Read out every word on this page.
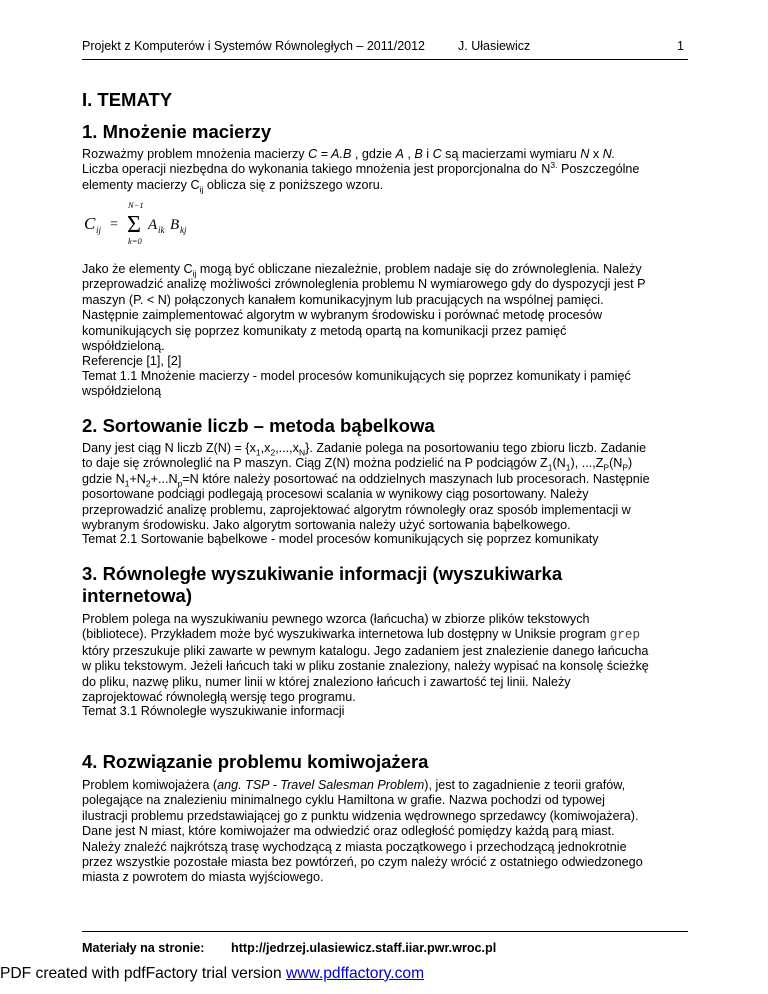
Projekt z Komputerów i Systemów Równoległych – 2011/2012	J. Ułasiewicz	1
I. TEMATY
1. Mnożenie macierzy
Rozważmy problem mnożenia macierzy C = A.B , gdzie A , B i C są macierzami wymiaru N x N.
Liczba operacji niezbędna do wykonania takiego mnożenia jest proporcjonalna do $N^{3.}$ Poszczególne
elementy macierzy $C_{ij}$ oblicza się z poniższego wzoru.
C ij = Σ
N−1
k=0
A ik B kj
Jako że elementy $C_{ij}$ mogą być obliczane niezależnie, problem nadaje się do zrównoleglenia. Należy
przeprowadzić analizę możliwości zrównoleglenia problemu N wymiarowego gdy do dyspozycji jest P
maszyn (P. < N) połączonych kanałem komunikacyjnym lub pracujących na wspólnej pamięci.
Następnie zaimplementować algorytm w wybranym środowisku i porównać metodę procesów
komunikujących się poprzez komunikaty z metodą opartą na komunikacji przez pamięć
współdzieloną.
Referencje [1], [2]
Temat 1.1 Mnożenie macierzy - model procesów komunikujących się poprzez komunikaty i pamięć
współdzieloną
2. Sortowanie liczb – metoda bąbelkowa
Dany jest ciąg N liczb $Z(N) = \{x_1,x_2,...,x_N\}$. Zadanie polega na posortowaniu tego zbioru liczb. Zadanie
to daje się zrównoleglić na P maszyn. Ciąg Z(N) można podzielić na P podciągów $Z_1(N_1)$, $...,Z_P(N_P)$
gdzie $N_1+N_2+...N_p=N$ które należy posortować na oddzielnych maszynach lub procesorach. Następnie
posortowane podciągi podlegają procesowi scalania w wynikowy ciąg posortowany. Należy
przeprowadzić analizę problemu, zaprojektować algorytm równoległy oraz sposób implementacji w
wybranym środowisku. Jako algorytm sortowania należy użyć sortowania bąbelkowego.
Temat 2.1 Sortowanie bąbelkowe - model procesów komunikujących się poprzez komunikaty
3. Równoległe wyszukiwanie informacji (wyszukiwarka
internetowa)
Problem polega na wyszukiwaniu pewnego wzorca (łańcucha) w zbiorze plików tekstowych
(bibliotece). Przykładem może być wyszukiwarka internetowa lub dostępny w Uniksie program grep
który przeszukuje pliki zawarte w pewnym katalogu. Jego zadaniem jest znalezienie danego łańcucha
w pliku tekstowym. Jeżeli łańcuch taki w pliku zostanie znaleziony, należy wypisać na konsolę ścieżkę
do pliku, nazwę pliku, numer linii w której znaleziono łańcuch i zawartość tej linii. Należy
zaprojektować równoległą wersję tego programu.
Temat 3.1 Równoległe wyszukiwanie informacji
4. Rozwiązanie problemu komiwojażera
Problem komiwojażera (ang. TSP - Travel Salesman Problem), jest to zagadnienie z teorii grafów,
polegające na znalezieniu minimalnego cyklu Hamiltona w grafie. Nazwa pochodzi od typowej
ilustracji problemu przedstawiającej go z punktu widzenia wędrownego sprzedawcy (komiwojażera).
Dane jest N miast, które komiwojażer ma odwiedzić oraz odległość pomiędzy każdą parą miast.
Należy znaleźć najkrótszą trasę wychodzącą z miasta początkowego i przechodzącą jednokrotnie
przez wszystkie pozostałe miasta bez powtórzeń, po czym należy wrócić z ostatniego odwiedzonego
miasta z powrotem do miasta wyjściowego.
Materiały na stronie: http://jedrzej.ulasiewicz.staff.iiar.pwr.wroc.pl
PDF created with pdfFactory trial version www.pdffactory.com
